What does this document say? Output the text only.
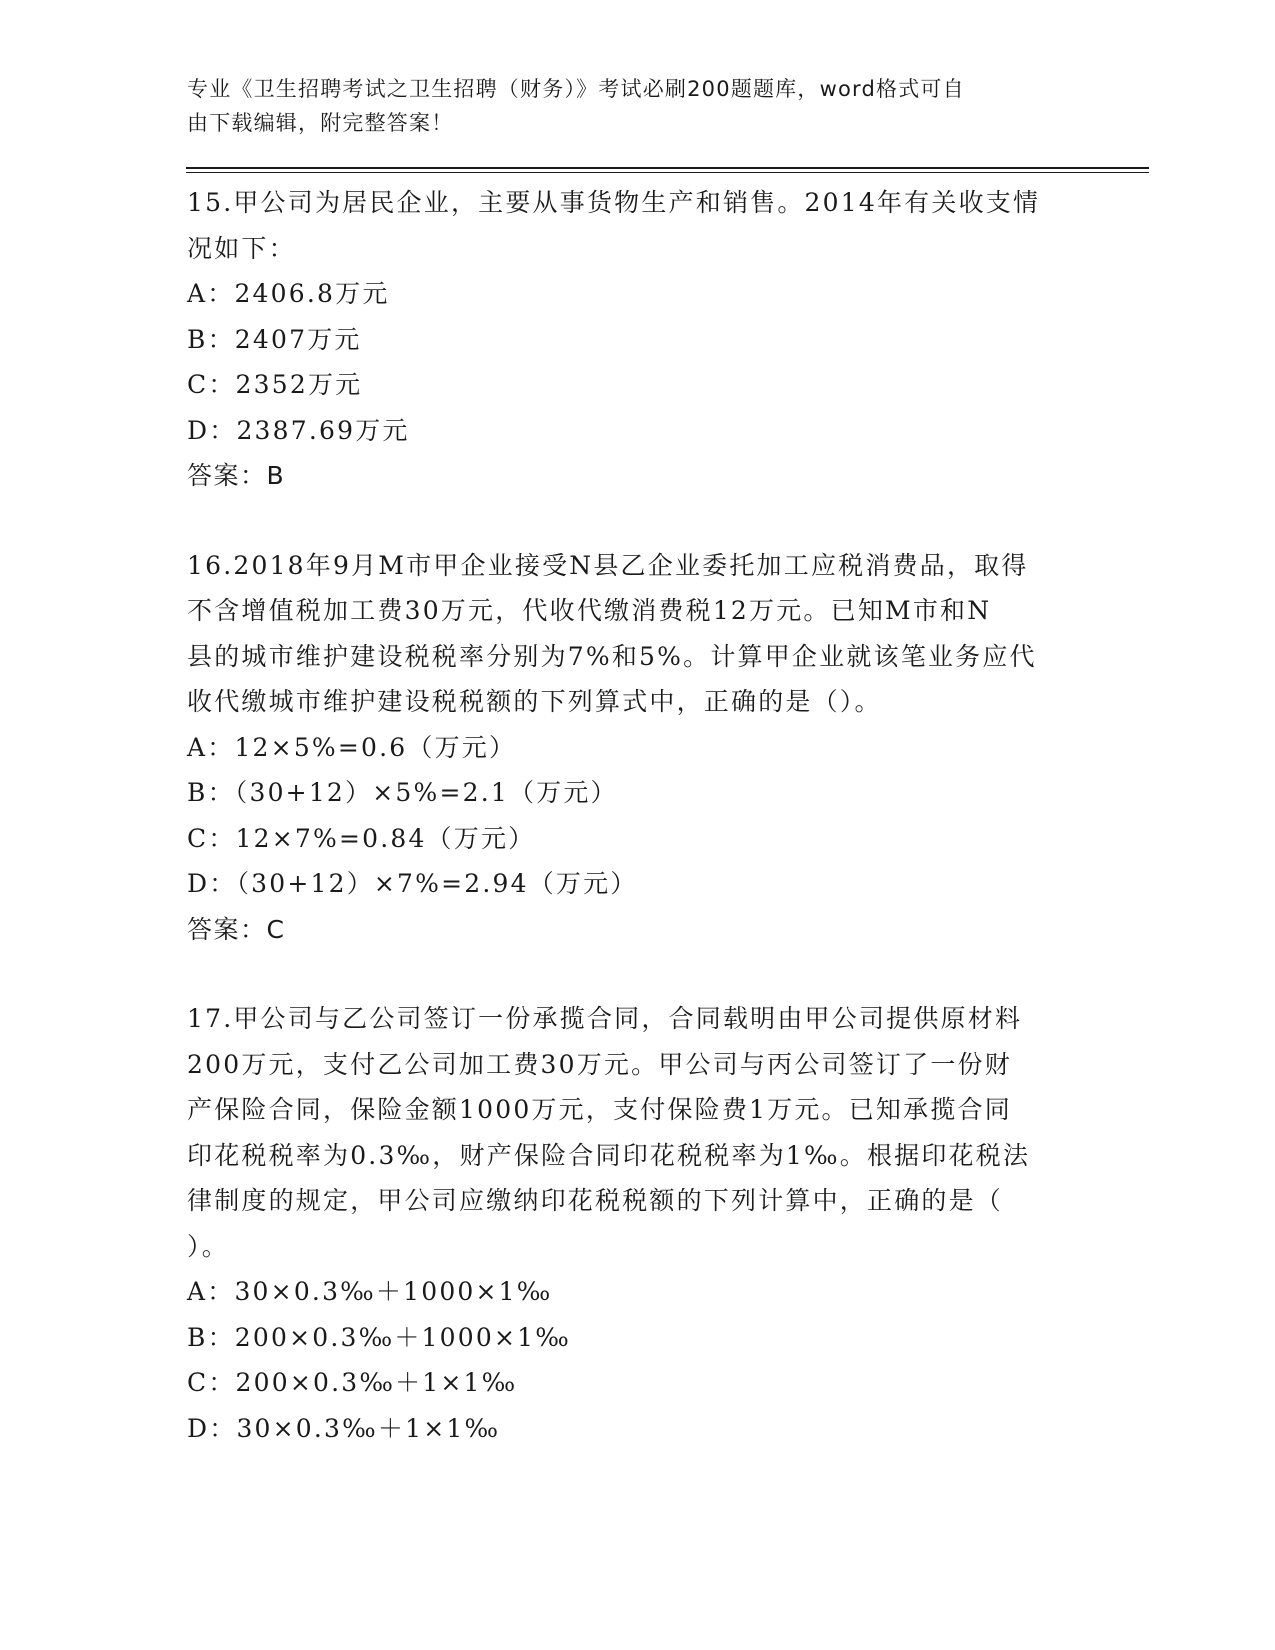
专业《卫生招聘考试之卫生招聘（财务）》考试必刷200题题库，word格式可自
由下载编辑，附完整答案！

15.甲公司为居民企业，主要从事货物生产和销售。2014年有关收支情

况如下：

A：2406.8万元

B：2407万元

C：2352万元

D：2387.69万元

答案：B

16.2018年9月M市甲企业接受N县乙企业委托加工应税消费品，取得

不含增值税加工费30万元，代收代缴消费税12万元。已知M市和N

县的城市维护建设税税率分别为7%和5%。计算甲企业就该笔业务应代

收代缴城市维护建设税税额的下列算式中，正确的是（）。

A：12×5%=0.6（万元）

B：（30+12）×5%=2.1（万元）

C：12×7%=0.84（万元）

D：（30+12）×7%=2.94（万元）

答案：C

17.甲公司与乙公司签订一份承揽合同，合同载明由甲公司提供原材料

200万元，支付乙公司加工费30万元。甲公司与丙公司签订了一份财

产保险合同，保险金额1000万元，支付保险费1万元。已知承揽合同

印花税税率为0.3‰，财产保险合同印花税税率为1‰。根据印花税法

律制度的规定，甲公司应缴纳印花税税额的下列计算中，正确的是（

）。

A：30×0.3‰＋1000×1‰

B：200×0.3‰＋1000×1‰

C：200×0.3‰＋1×1‰

D：30×0.3‰＋1×1‰
